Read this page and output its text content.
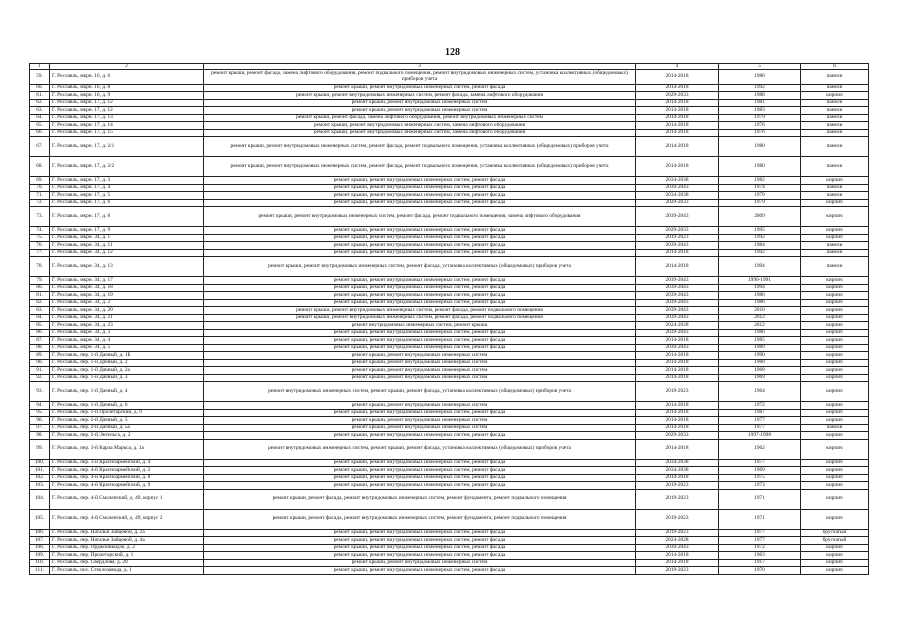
128
1	2	3	4	5	6
59.	Г. Рославль, мкрн. 16, д. 6	ремонт крыши, ремонт фасада, замена лифтового оборудования, ремонт подвального помещения, ремонт внутридомовых инженерных систем, установка коллективных (общедомовых) приборов учета	2014-2018	1986	панели
60.	Г. Рославль, мкрн. 16, д. 8	ремонт крыши, ремонт внутридомовых инженерных систем, ремонт фасада	2014-2018	1992	панели
61.	Г. Рославль, мкрн. 16, д. 9	ремонт крыши, ремонт внутридомовых инженерных систем, ремонт фасада, замена лифтового оборудования	2029-2033	1988	кирпич
62.	Г. Рославль, мкрн. 17, д. 12	ремонт крыши, ремонт внутридомовых инженерных систем	2014-2018	1981	панели
63.	Г. Рославль, мкрн. 17, д. 12	ремонт крыши, ремонт внутридомовых инженерных систем	2014-2018	1983	панели
64.	Г. Рославль, мкрн. 17, д. 13	ремонт крыши, ремонт фасада, замена лифтового оборудования, ремонт внутридомовых инженерных систем	2014-2018	1979	панели
65.	Г. Рославль, мкрн. 17, д. 14	ремонт крыши, ремонт внутридомовых инженерных систем, замена лифтового оборудования	2014-2018	1976	панели
66.	Г. Рославль, мкрн. 17, д. 15	ремонт крыши, ремонт внутридомовых инженерных систем, замена лифтового оборудования	2014-2018	1976	панели
67.	Г. Рославль, мкрн. 17, д. 2/1	ремонт крыши, ремонт внутридомовых инженерных систем, ремонт фасада, ремонт подвального помещения, установка коллективных (общедомовых) приборов учета	2014-2018	1980	панели
68.	Г. Рославль, мкрн. 17, д. 2/2	ремонт крыши, ремонт внутридомовых инженерных систем, ремонт фасада, ремонт подвального помещения, установка коллективных (общедомовых) приборов учета	2014-2018	1980	панели
69.	Г. Рославль, мкрн. 17, д. 3	ремонт крыши, ремонт внутридомовых инженерных систем, ремонт фасада	2034-2038	1982	кирпич
70.	Г. Рославль, мкрн. 17, д. 4	ремонт крыши, ремонт внутридомовых инженерных систем, ремонт фасада	2039-2043	1974	панели
71.	Г. Рославль, мкрн. 17, д. 5	ремонт крыши, ремонт внутридомовых инженерных систем, ремонт фасада	2034-2038	1979	панели
72.	Г. Рославль, мкрн. 17, д. 6	ремонт крыши, ремонт внутридомовых инженерных систем, ремонт фасада	2029-2033	1979	кирпич
73.	Г. Рославль, мкрн. 17, д. 8	ремонт крыши, ремонт внутридомовых инженерных систем, ремонт фасада, ремонт подвального помещения, замена лифтового оборудования	2039-2043	2009	кирпич
74.	Г. Рославль, мкрн. 17, д. 9	ремонт крыши, ремонт внутридомовых инженерных систем, ремонт фасада	2029-2033	1995	кирпич
75.	Г. Рославль, мкрн. 34, д. 1	ремонт крыши, ремонт внутридомовых инженерных систем, ремонт фасада	2019-2023	1992	кирпич
76.	Г. Рославль, мкрн. 34, д. 11	ремонт крыши, ремонт внутридомовых инженерных систем, ремонт фасада	2039-2043	1984	панели
77.	Г. Рославль, мкрн. 34, д. 12	ремонт крыши, ремонт внутридомовых инженерных систем, ремонт фасада	2014-2018	1992	панели
78.	Г. Рославль, мкрн. 34, д. 13	ремонт крыши, ремонт внутридомовых инженерных систем, ремонт фасада, установка коллективных (общедомовых) приборов учета	2014-2018	1994	панели
79.	Г. Рославль, мкрн. 34, д. 17	ремонт крыши, ремонт внутридомовых инженерных систем, ремонт фасада	2039-2043	1990-1991	кирпич
80.	Г. Рославль, мкрн. 34, д. 18	ремонт крыши, ремонт внутридомовых инженерных систем, ремонт фасада	2039-2043	1994	кирпич
81.	Г. Рославль, мкрн. 34, д. 19	ремонт крыши, ремонт внутридомовых инженерных систем, ремонт фасада	2039-2043	1986	кирпич
82.	Г. Рославль, мкрн. 34, д. 2	ремонт крыши, ремонт внутридомовых инженерных систем, ремонт фасада	2039-2043	1986	кирпич
83.	Г. Рославль, мкрн. 34, д. 20	ремонт крыши, ремонт внутридомовых инженерных систем, ремонт фасада, ремонт подвального помещения	2039-2043	2010	кирпич
84.	Г. Рославль, мкрн. 34, д. 21	ремонт крыши, ремонт внутридомовых инженерных систем, ремонт фасада, ремонт подвального помещения	2039-2043	2012	кирпич
85.	Г. Рославль, мкрн. 34, д. 23	ремонт внутридомовых инженерных систем, ремонт крыши	2024-2028	2012	кирпич
86.	Г. Рославль, мкрн. 34, д. 3	ремонт крыши, ремонт внутридомовых инженерных систем, ремонт фасада	2039-2043	1986	кирпич
87.	Г. Рославль, мкрн. 34, д. 4	ремонт крыши, ремонт внутридомовых инженерных систем, ремонт фасада	2014-2018	1985	кирпич
88.	Г. Рославль, мкрн. 34, д. 5	ремонт крыши, ремонт внутридомовых инженерных систем, ремонт фасада	2039-2043	1989	кирпич
89.	Г. Рославль, пер. 1-й Дачный, д. 1Б	ремонт крыши, ремонт внутридомовых инженерных систем	2014-2018	1990	кирпич
90.	Г. Рославль, пер. 1-й Дачный, д. 2	ремонт крыши, ремонт внутридомовых инженерных систем	2014-2018	1968	кирпич
91.	Г. Рославль, пер. 1-й Дачный, д. 2а	ремонт крыши, ремонт внутридомовых инженерных систем	2014-2018	1968	кирпич
92.	Г. Рославль, пер. 1-й Дачный, д. 3	ремонт крыши, ремонт внутридомовых инженерных систем	2014-2018	1969	кирпич
93.	Г. Рославль, пер. 1-й Дачный, д. 4	ремонт внутридомовых инженерных систем, ремонт крыши, ремонт фасада, установка коллективных (общедомовых) приборов учета	2019-2023	1964	кирпич
94.	Г. Рославль, пер. 1-й Дачный, д. 6	ремонт крыши, ремонт внутридомовых инженерных систем	2014-2018	1972	кирпич
95.	Г. Рославль, пер. 1-й Пролетарский, д. 9	ремонт крыши, ремонт внутридомовых инженерных систем, ремонт фасада	2014-2018	1987	кирпич
96.	Г. Рославль, пер. 2-й Дачный, д. 5	ремонт крыши, ремонт внутридомовых инженерных систем	2014-2018	1977	кирпич
97.	Г. Рославль, пер. 2-й Дачный, д. 5а	ремонт крыши, ремонт внутридомовых инженерных систем	2014-2018	1977	панели
98.	Г. Рославль, пер. 2-й Энгельса, д. 2	ремонт крыши, ремонт внутридомовых инженерных систем, ремонт фасада	2029-2033	1997-1998	кирпич
99.	Г. Рославль, пер. 3-й Карла Маркса, д. 1а	ремонт внутридомовых инженерных систем, ремонт крыши, ремонт фасада, установка коллективных (общедомовых) приборов учета	2014-2018	1962	кирпич
100.	Г. Рославль, пер. 3-й Красноармейский, д. 4	ремонт крыши, ремонт внутридомовых инженерных систем, ремонт фасада	2034-2038	1977	кирпич
101.	Г. Рославль, пер. 4-й Красноармейский, д. 2	ремонт крыши, ремонт внутридомовых инженерных систем, ремонт фасада	2034-2038	1969	кирпич
102.	Г. Рославль, пер. 4-й Красноармейский, д. 8	ремонт крыши, ремонт внутридомовых инженерных систем, ремонт фасада	2014-2018	1975	кирпич
103.	Г. Рославль, пер. 4-й Красноармейский, д. 9	ремонт крыши, ремонт внутридомовых инженерных систем, ремонт фасада	2019-2023	1973	кирпич
104.	Г. Рославль, пер. 4-й Смоленский, д. 49, корпус 1	ремонт крыши, ремонт фасада, ремонт внутридомовых инженерных систем, ремонт фундамента, ремонт подвального помещения	2019-2023	1971	кирпич
105.	Г. Рославль, пер. 4-й Смоленский, д. 49, корпус 2	ремонт крыши, ремонт фасада, ремонт внутридомовых инженерных систем, ремонт фундамента, ремонт подвального помещения	2019-2023	1971	кирпич
106.	Г. Рославль, пер. Натальи Зайцевой, д. 2а	ремонт крыши, ремонт внутридомовых инженерных систем, ремонт фасада	2019-2023	1977	брусчатый
107.	Г. Рославль, пер. Натальи Зайцевой, д. 4а	ремонт крыши, ремонт внутридомовых инженерных систем, ремонт фасада	2024-2028	1977	брусчатый
108.	Г. Рославль, пер. Орджоникидзе, д. 2	ремонт крыши, ремонт внутридомовых инженерных систем, ремонт фасада	2039-2043	1972	кирпич
109.	Г. Рославль, пер. Пролетарский, д. 1	ремонт крыши, ремонт внутридомовых инженерных систем, ремонт фасада	2014-2018	1963	кирпич
110.	Г. Рославль, пер. Свердлова, д. 20	ремонт крыши, ремонт внутридомовых инженерных систем	2014-2018	1917	кирпич
111.	Г. Рославль, пос. Стеклозавода, д. 1	ремонт крыши, ремонт внутридомовых инженерных систем, ремонт фасада	2019-2023	1970	кирпич
